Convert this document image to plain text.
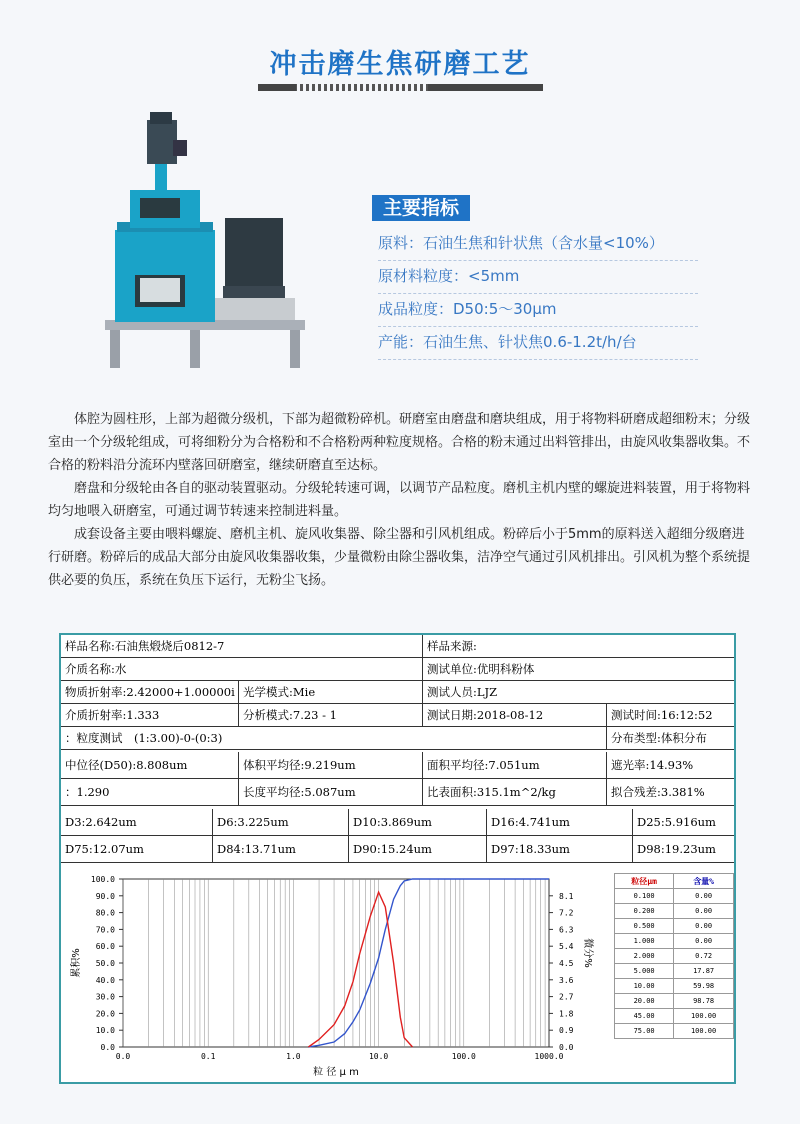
冲击磨生焦研磨工艺
主要指标
原料：石油生焦和针状焦（含水量<10%）
原材料粒度：<5mm
成品粒度：D50:5～30μm
产能：石油生焦、针状焦0.6-1.2t/h/台

体腔为圆柱形，上部为超微分级机，下部为超微粉碎机。研磨室由磨盘和磨块组成，用于将物料研磨成超细粉末；分级室由一个分级轮组成，可将细粉分为合格粉和不合格粉两种粒度规格。合格的粉末通过出料管排出，由旋风收集器收集。不合格的粉料沿分流环内壁落回研磨室，继续研磨直至达标。

磨盘和分级轮由各自的驱动装置驱动。分级轮转速可调，以调节产品粒度。磨机主机内壁的螺旋进料装置，用于将物料均匀地喂入研磨室，可通过调节转速来控制进料量。

成套设备主要由喂料螺旋、磨机主机、旋风收集器、除尘器和引风机组成。粉碎后小于5mm的原料送入超细分级磨进行研磨。粉碎后的成品大部分由旋风收集器收集，少量微粉由除尘器收集，洁净空气通过引风机排出。引风机为整个系统提供必要的负压，系统在负压下运行，无粉尘飞扬。

样品名称:石油焦煅烧后0812-7	样品来源:
介质名称:水	测试单位:优明科粉体
物质折射率:2.42000+1.00000i 光学模式:Mie	测试人员:LJZ
介质折射率:1.333	分析模式:7.23 - 1	测试日期:2018-08-12	测试时间:16:12:52
：粒度测试　(1:3.00)-0-(0:3)	分布类型:体积分布
中位径(D50):8.808um	体积平均径:9.219um	面积平均径:7.051um	遮光率:14.93%
：1.290	长度平均径:5.087um	比表面积:315.1m^2/kg	拟合残差:3.381%
D3:2.642um	D6:3.225um	D10:3.869um	D16:4.741um	D25:5.916um
D75:12.07um	D84:13.71um	D90:15.24um	D97:18.33um	D98:19.23um
100.0
90.0
80.0
70.0
60.0
50.0
40.0
30.0
20.0
10.0
0.0
8.1
7.2
6.3
5.4
4.5
3.6
2.7
1.8
0.9
0.0
0.0	0.1	1.0	10.0	100.0	1000.0
粒 径 μ m
累积%	微分%
粒径μm	含量%
0.100	0.00
0.200	0.00
0.500	0.00
1.000	0.00
2.000	0.72
5.000	17.87
10.00	59.98
20.00	98.78
45.00	100.00
75.00	100.00
